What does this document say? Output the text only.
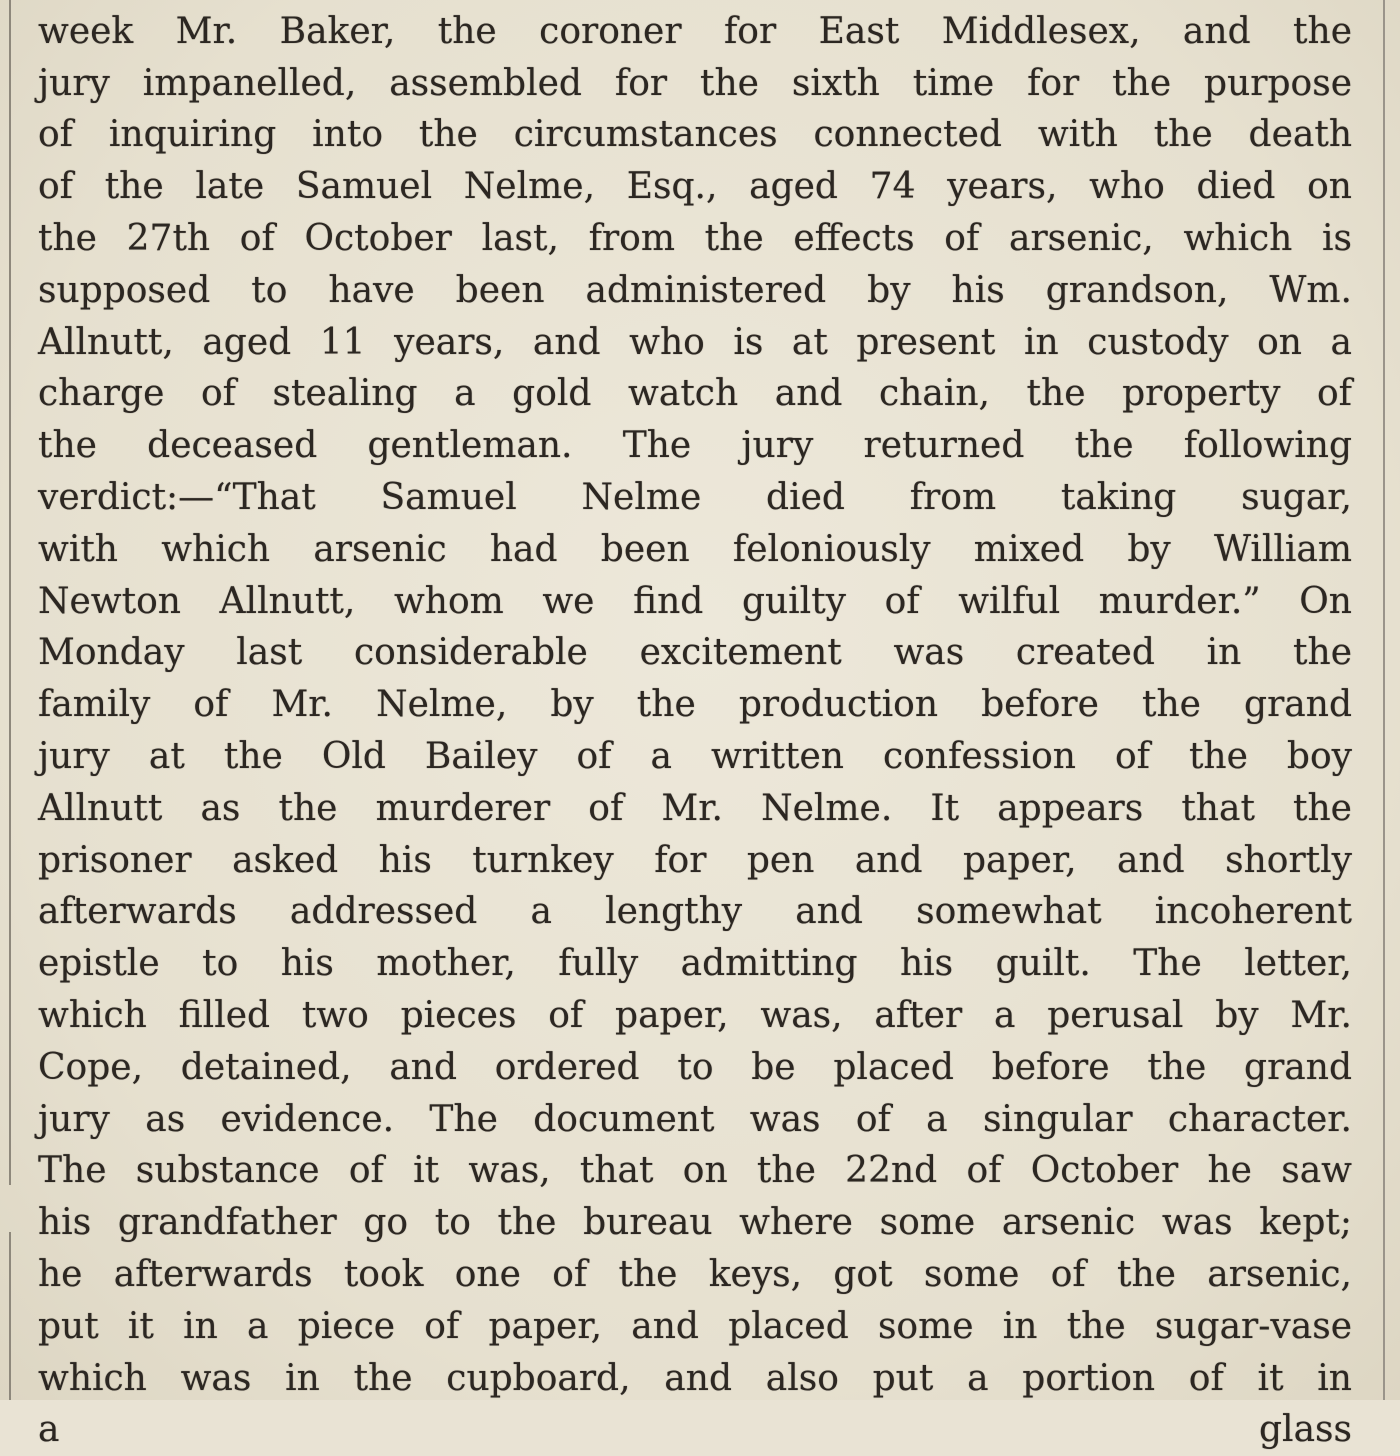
week Mr. Baker, the coroner for East Middlesex, and the
jury impanelled, assembled for the sixth time for the purpose
of inquiring into the circumstances connected with the death
of the late Samuel Nelme, Esq., aged 74 years, who died on
the 27th of October last, from the effects of arsenic, which is
supposed to have been administered by his grandson, Wm.
Allnutt, aged 11 years, and who is at present in custody on a
charge of stealing a gold watch and chain, the property of
the deceased gentleman. The jury returned the following
verdict:—“That Samuel Nelme died from taking sugar,
with which arsenic had been feloniously mixed by William
Newton Allnutt, whom we find guilty of wilful murder.” On
Monday last considerable excitement was created in the
family of Mr. Nelme, by the production before the grand
jury at the Old Bailey of a written confession of the boy
Allnutt as the murderer of Mr. Nelme. It appears that the
prisoner asked his turnkey for pen and paper, and shortly
afterwards addressed a lengthy and somewhat incoherent
epistle to his mother, fully admitting his guilt. The letter,
which filled two pieces of paper, was, after a perusal by Mr.
Cope, detained, and ordered to be placed before the grand
jury as evidence. The document was of a singular character.
The substance of it was, that on the 22nd of October he saw
his grandfather go to the bureau where some arsenic was kept;
he afterwards took one of the keys, got some of the arsenic,
put it in a piece of paper, and placed some in the sugar-vase
which was in the cupboard, and also put a portion of it in
a glass
